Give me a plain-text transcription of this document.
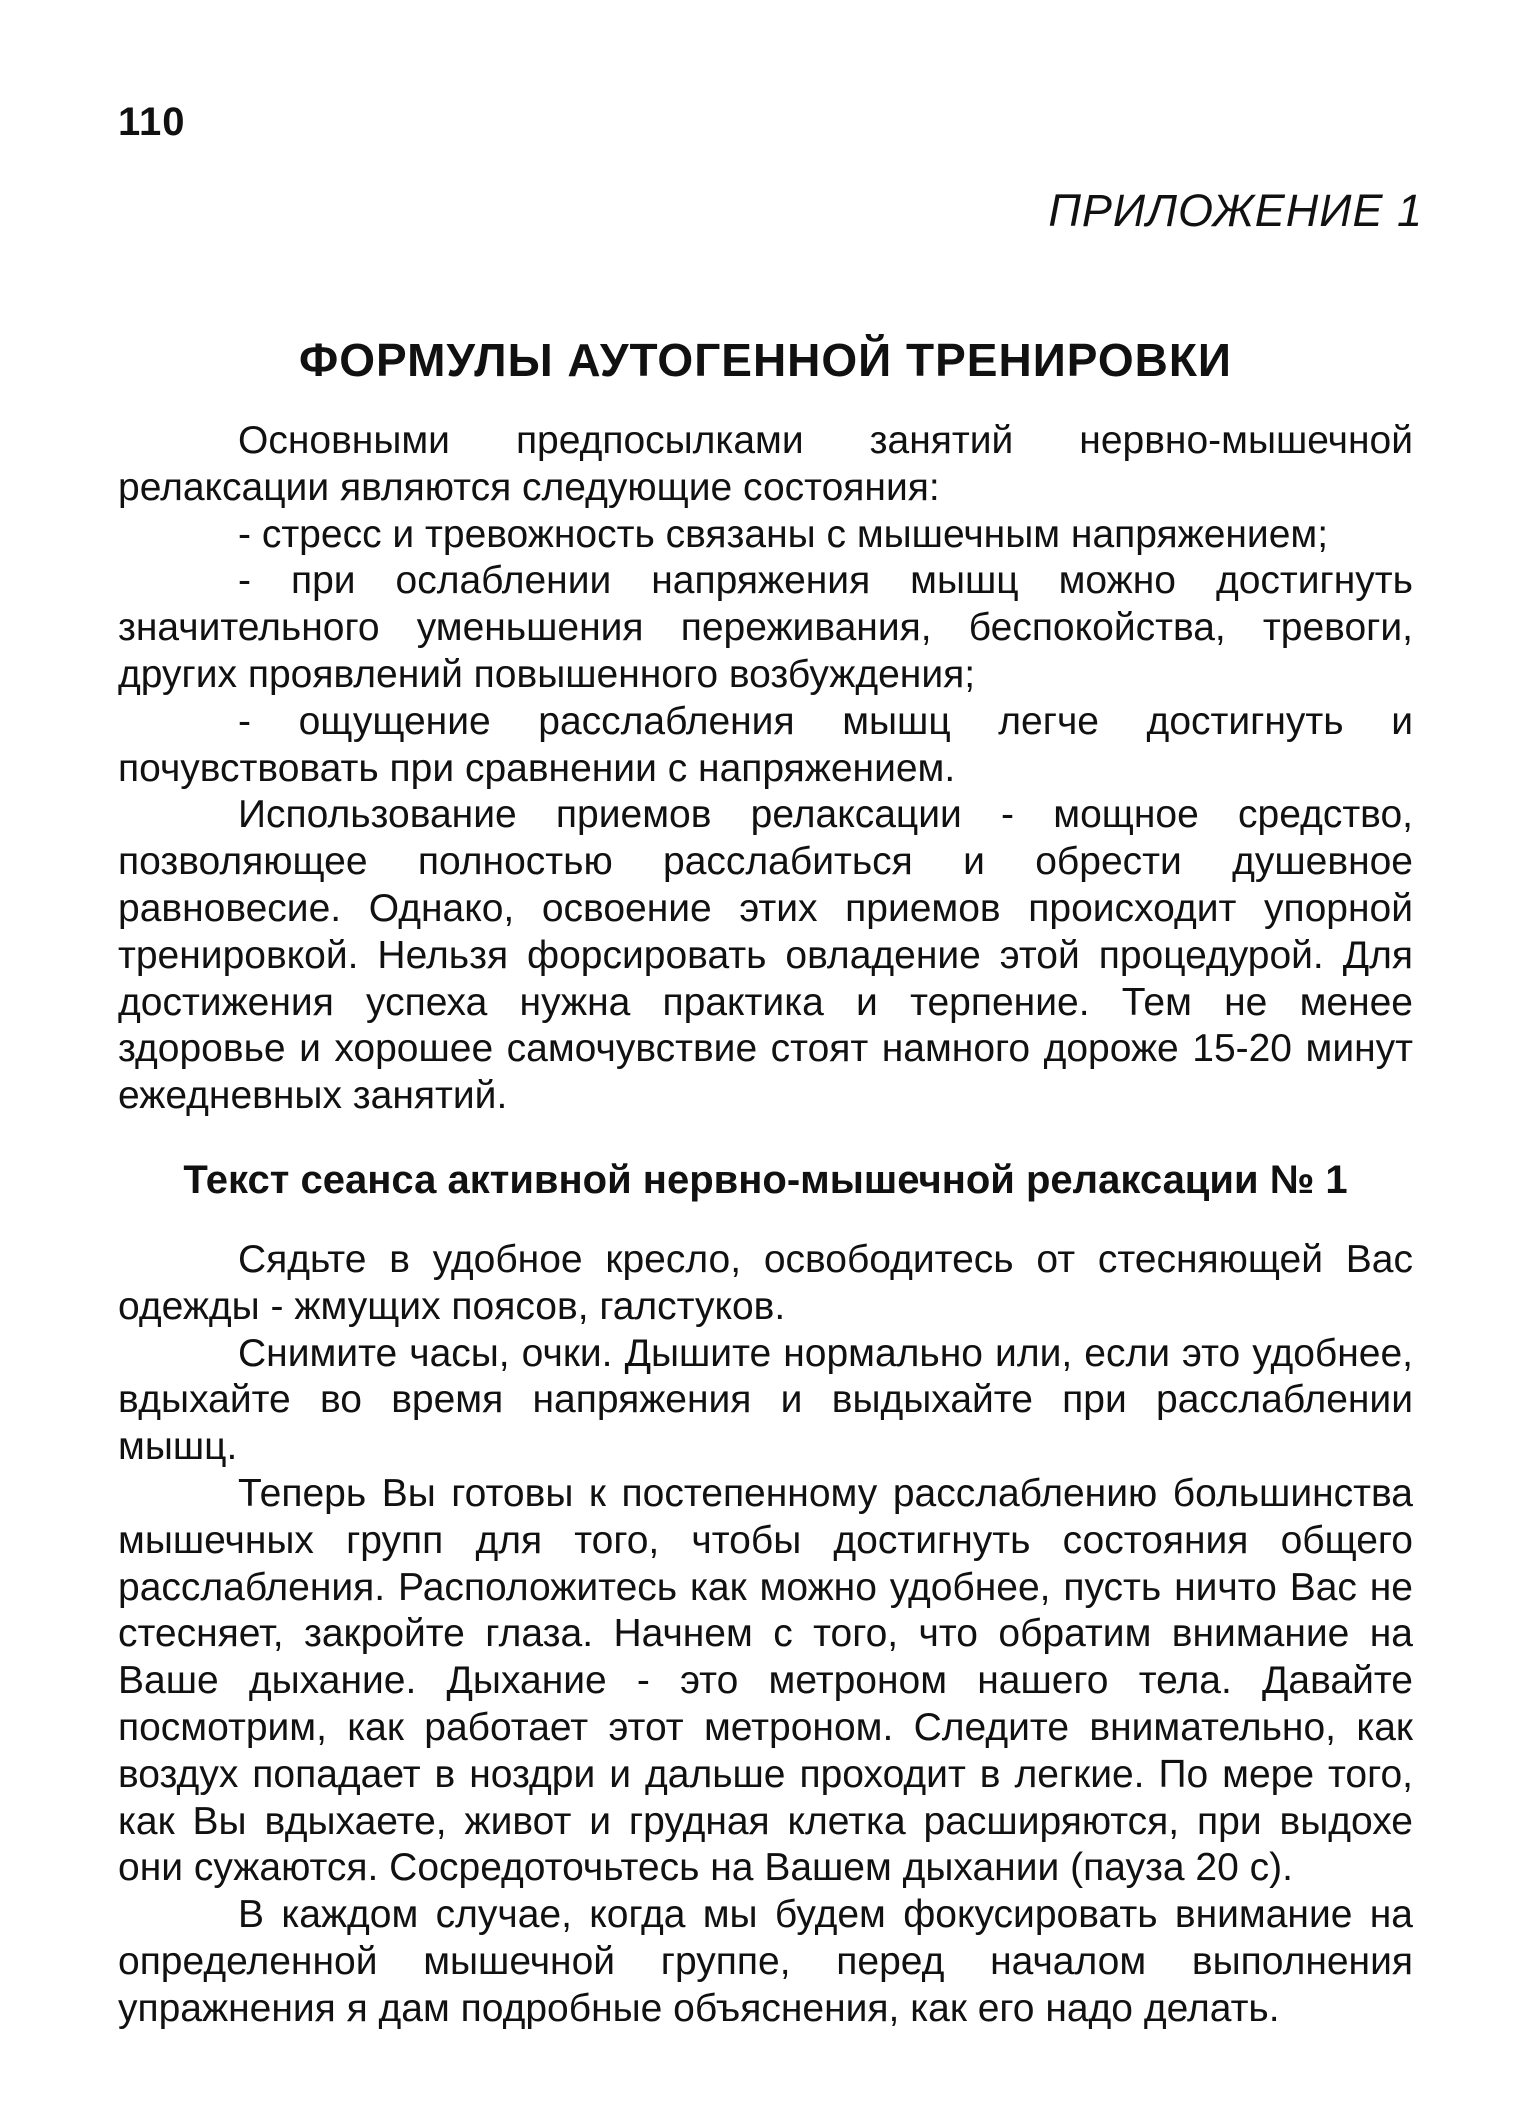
110
ПРИЛОЖЕНИЕ 1
ФОРМУЛЫ АУТОГЕННОЙ ТРЕНИРОВКИ

Основными предпосылками занятий нервно-мышечной релаксации являются следующие состояния:

- стресс и тревожность связаны с мышечным напряжением;

- при ослаблении напряжения мышц можно достигнуть значительного уменьшения переживания, беспокойства, тревоги, других проявлений повышенного возбуждения;

- ощущение расслабления мышц легче достигнуть и почувствовать при сравнении с напряжением.

Использование приемов релаксации - мощное средство, позволяющее полностью расслабиться и обрести душевное равновесие. Однако, освоение этих приемов происходит упорной тренировкой. Нельзя форсировать овладение этой процедурой. Для достижения успеха нужна практика и терпение. Тем не менее здоровье и хорошее самочувствие стоят намного дороже 15-20 минут ежедневных занятий.

Текст сеанса активной нервно-мышечной релаксации № 1

Сядьте в удобное кресло, освободитесь от стесняющей Вас одежды - жмущих поясов, галстуков.

Снимите часы, очки. Дышите нормально или, если это удобнее, вдыхайте во время напряжения и выдыхайте при расслаблении мышц.

Теперь Вы готовы к постепенному расслаблению большинства мышечных групп для того, чтобы достигнуть состояния общего расслабления. Расположитесь как можно удобнее, пусть ничто Вас не стесняет, закройте глаза. Начнем с того, что обратим внимание на Ваше дыхание. Дыхание - это метроном нашего тела. Давайте посмотрим, как работает этот метроном. Следите внимательно, как воздух попадает в ноздри и дальше проходит в легкие. По мере того, как Вы вдыхаете, живот и грудная клетка расширяются, при выдохе они сужаются. Сосредоточьтесь на Вашем дыхании (пауза 20 с).

В каждом случае, когда мы будем фокусировать внимание на определенной мышечной группе, перед началом выполнения упражнения я дам подробные объяснения, как его надо делать.
